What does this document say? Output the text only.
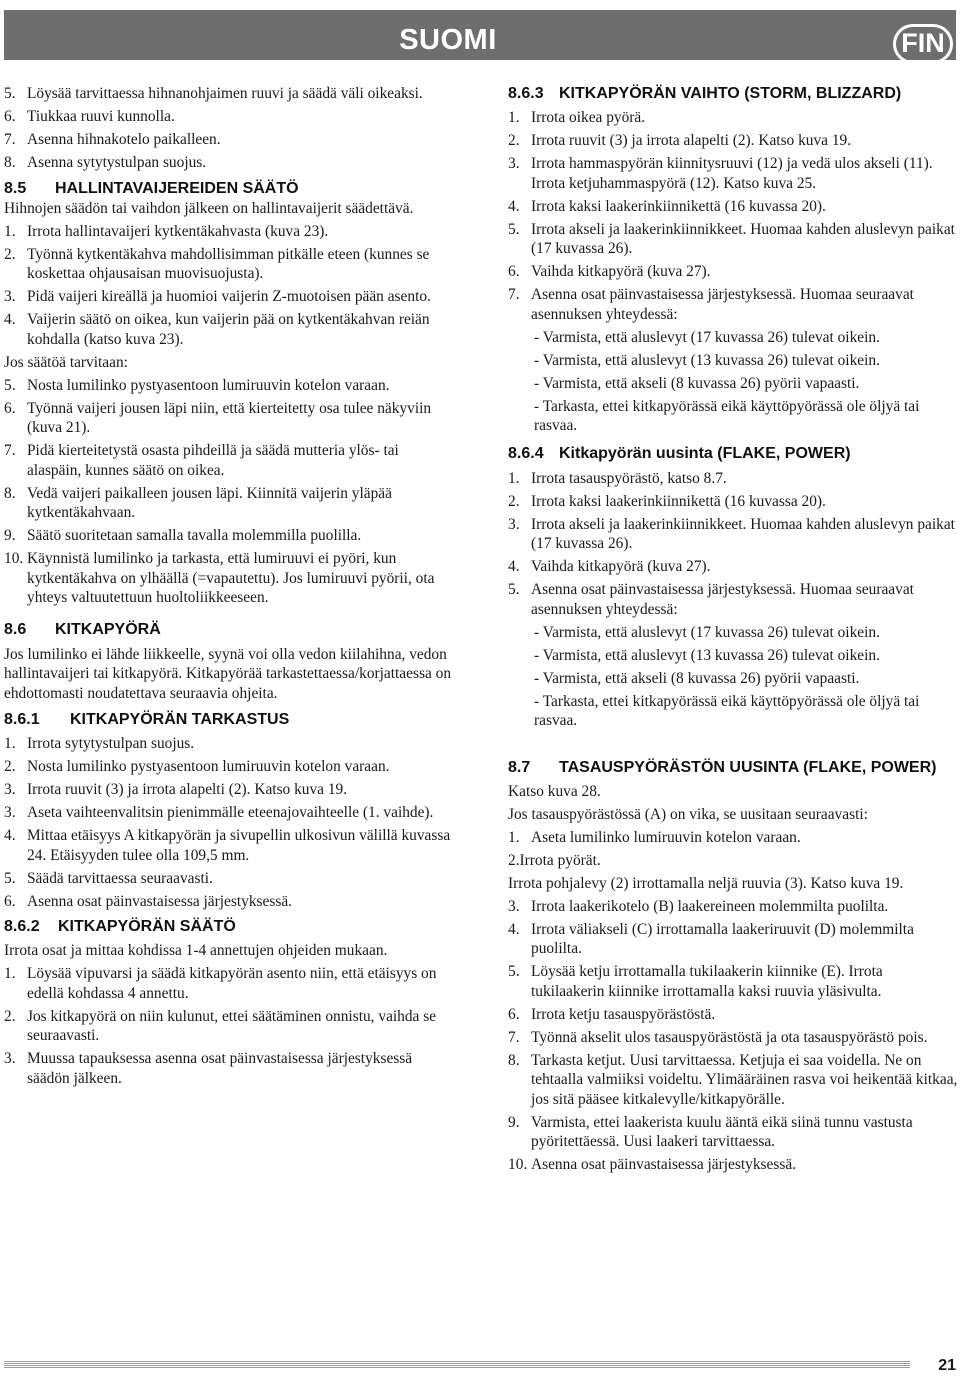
SUOMI	FIN
5. Löysää tarvittaessa hihnanohjaimen ruuvi ja säädä väli oikeaksi.
6. Tiukkaa ruuvi kunnolla.
7. Asenna hihnakotelo paikalleen.
8. Asenna sytytystulpan suojus.
8.5	HALLINTAVAIJEREIDEN SÄÄTÖ
Hihnojen säädön tai vaihdon jälkeen on hallintavaijerit säädettävä.
1. Irrota hallintavaijeri kytkentäkahvasta (kuva 23).
2. Työnnä kytkentäkahva mahdollisimman pitkälle eteen (kunnes se koskettaa ohjausaisan muovisuojusta).
3. Pidä vaijeri kireällä ja huomioi vaijerin Z-muotoisen pään asento.
4. Vaijerin säätö on oikea, kun vaijerin pää on kytkentäkahvan reiän kohdalla (katso kuva 23).
Jos säätöä tarvitaan:
5. Nosta lumilinko pystyasentoon lumiruuvin kotelon varaan.
6. Työnnä vaijeri jousen läpi niin, että kierteitetty osa tulee näkyviin (kuva 21).
7. Pidä kierteitetystä osasta pihdeillä ja säädä mutteria ylös- tai alaspäin, kunnes säätö on oikea.
8. Vedä vaijeri paikalleen jousen läpi. Kiinnitä vaijerin yläpää kytkentäkahvaan.
9. Säätö suoritetaan samalla tavalla molemmilla puolilla.
10. Käynnistä lumilinko ja tarkasta, että lumiruuvi ei pyöri, kun kytkentäkahva on ylhäällä (=vapautettu). Jos lumiruuvi pyörii, ota yhteys valtuutettuun huoltoliikkeeseen.
8.6	KITKAPYÖRÄ
Jos lumilinko ei lähde liikkeelle, syynä voi olla vedon kiilahihna, vedon hallintavaijeri tai kitkapyörä. Kitkapyörää tarkastettaessa/korjattaessa on ehdottomasti noudatettava seuraavia ohjeita.
8.6.1	KITKAPYÖRÄN TARKASTUS
1. Irrota sytytystulpan suojus.
2. Nosta lumilinko pystyasentoon lumiruuvin kotelon varaan.
3. Irrota ruuvit (3) ja irrota alapelti (2). Katso kuva 19.
3. Aseta vaihteenvalitsin pienimmälle eteenajovaihteelle (1. vaihde).
4. Mittaa etäisyys A kitkapyörän ja sivupellin ulkosivun välillä kuvassa 24. Etäisyyden tulee olla 109,5 mm.
5. Säädä tarvittaessa seuraavasti.
6. Asenna osat päinvastaisessa järjestyksessä.
8.6.2	KITKAPYÖRÄN SÄÄTÖ
Irrota osat ja mittaa kohdissa 1-4 annettujen ohjeiden mukaan.
1. Löysää vipuvarsi ja säädä kitkapyörän asento niin, että etäisyys on edellä kohdassa 4 annettu.
2. Jos kitkapyörä on niin kulunut, ettei säätäminen onnistu, vaihda se seuraavasti.
3. Muussa tapauksessa asenna osat päinvastaisessa järjestyksessä säädön jälkeen.
8.6.3 KITKAPYÖRÄN VAIHTO (STORM, BLIZZARD)
1. Irrota oikea pyörä.
2. Irrota ruuvit (3) ja irrota alapelti (2). Katso kuva 19.
3. Irrota hammaspyörän kiinnitysruuvi (12) ja vedä ulos akseli (11). Irrota ketjuhammaspyörä (12). Katso kuva 25.
4. Irrota kaksi laakerinkiinnikettä (16 kuvassa 20).
5. Irrota akseli ja laakerinkiinnikkeet. Huomaa kahden aluslevyn paikat (17 kuvassa 26).
6. Vaihda kitkapyörä (kuva 27).
7. Asenna osat päinvastaisessa järjestyksessä. Huomaa seuraavat asennuksen yhteydessä:
- Varmista, että aluslevyt (17 kuvassa 26) tulevat oikein.
- Varmista, että aluslevyt (13 kuvassa 26) tulevat oikein.
- Varmista, että akseli (8 kuvassa 26) pyörii vapaasti.
- Tarkasta, ettei kitkapyörässä eikä käyttöpyörässä ole öljyä tai rasvaa.
8.6.4 Kitkapyörän uusinta (FLAKE, POWER)
1. Irrota tasauspyörästö, katso 8.7.
2. Irrota kaksi laakerinkiinnikettä (16 kuvassa 20).
3. Irrota akseli ja laakerinkiinnikkeet. Huomaa kahden aluslevyn paikat (17 kuvassa 26).
4. Vaihda kitkapyörä (kuva 27).
5. Asenna osat päinvastaisessa järjestyksessä. Huomaa seuraavat asennuksen yhteydessä:
- Varmista, että aluslevyt (17 kuvassa 26) tulevat oikein.
- Varmista, että aluslevyt (13 kuvassa 26) tulevat oikein.
- Varmista, että akseli (8 kuvassa 26) pyörii vapaasti.
- Tarkasta, ettei kitkapyörässä eikä käyttöpyörässä ole öljyä tai rasvaa.
8.7	TASAUSPYÖRÄSTÖN UUSINTA (FLAKE, POWER)
Katso kuva 28.
Jos tasauspyörästössä (A) on vika, se uusitaan seuraavasti:
1. Aseta lumilinko lumiruuvin kotelon varaan.
2.Irrota pyörät.
Irrota pohjalevy (2) irrottamalla neljä ruuvia (3). Katso kuva 19.
3. Irrota laakerikotelo (B) laakereineen molemmilta puolilta.
4. Irrota väliakseli (C) irrottamalla laakeriruuvit (D) molemmilta puolilta.
5. Löysää ketju irrottamalla tukilaakerin kiinnike (E). Irrota tukilaakerin kiinnike irrottamalla kaksi ruuvia yläsivulta.
6. Irrota ketju tasauspyörästöstä.
7. Työnnä akselit ulos tasauspyörästöstä ja ota tasauspyörästö pois.
8. Tarkasta ketjut. Uusi tarvittaessa. Ketjuja ei saa voidella. Ne on tehtaalla valmiiksi voideltu. Ylimääräinen rasva voi heikentää kitkaa, jos sitä pääsee kitkalevylle/kitkapyörälle.
9. Varmista, ettei laakerista kuulu ääntä eikä siinä tunnu vastusta pyöritettäessä. Uusi laakeri tarvittaessa.
10. Asenna osat päinvastaisessa järjestyksessä.
21
